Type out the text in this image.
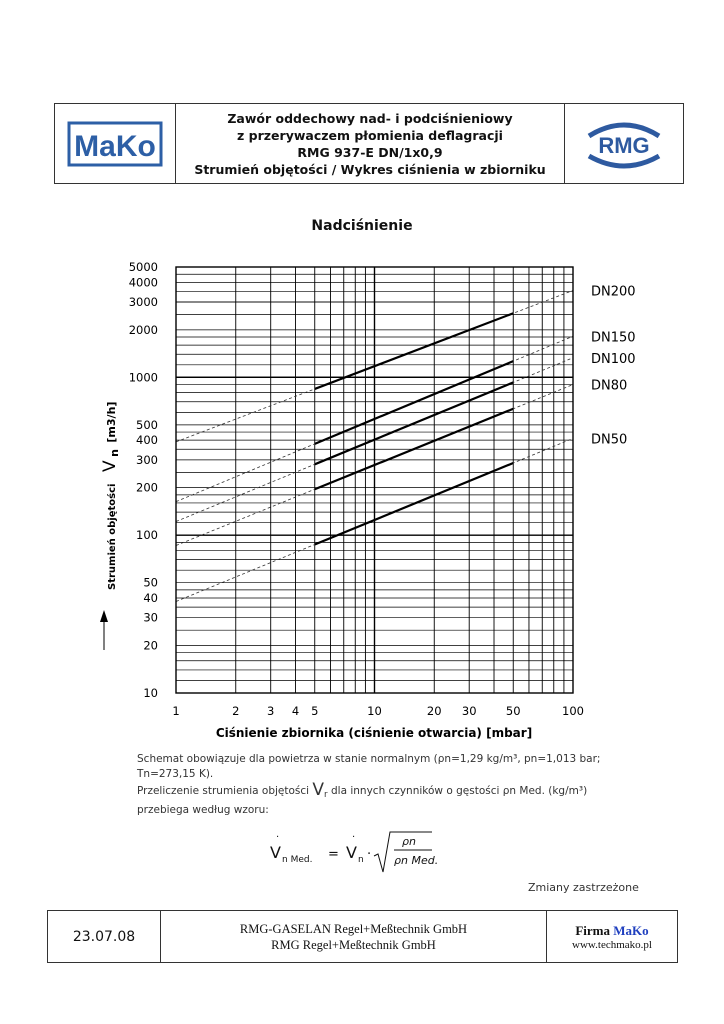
MaKo
Zawór oddechowy nad- i podciśnieniowy
z przerywaczem płomienia deflagracji
RMG 937-E DN/1x0,9
Strumień objętości / Wykres ciśnienia w zbiorniku
RMG
Nadciśnienie
10
20
30
40
50
100
200
300
400
500
1000
2000
3000
4000
5000
1	2 3 4 5	10	20 30	50	100
DN200
DN150
DN100
DN80
DN50
Ciśnienie zbiornika (ciśnienie otwarcia) [mbar]
Strumień objętości V n [m3/h]

Schemat obowiązuje dla powietrza w stanie normalnym (ρn=1,29 kg/m³, pn=1,013 bar;

Tn=273,15 K).

Przeliczenie strumienia objętości $V_r$ dla innych czynników o gęstości ρn Med. (kg/m³)

przebiega według wzoru:

V
·
n Med. = V
·
n ·
ρn
ρn Med.
Zmiany zastrzeżone
23.07.08	RMG-GASELAN Regel+Meßtechnik GmbH
RMG Regel+Meßtechnik GmbH
Firma MaKo
www.techmako.pl
